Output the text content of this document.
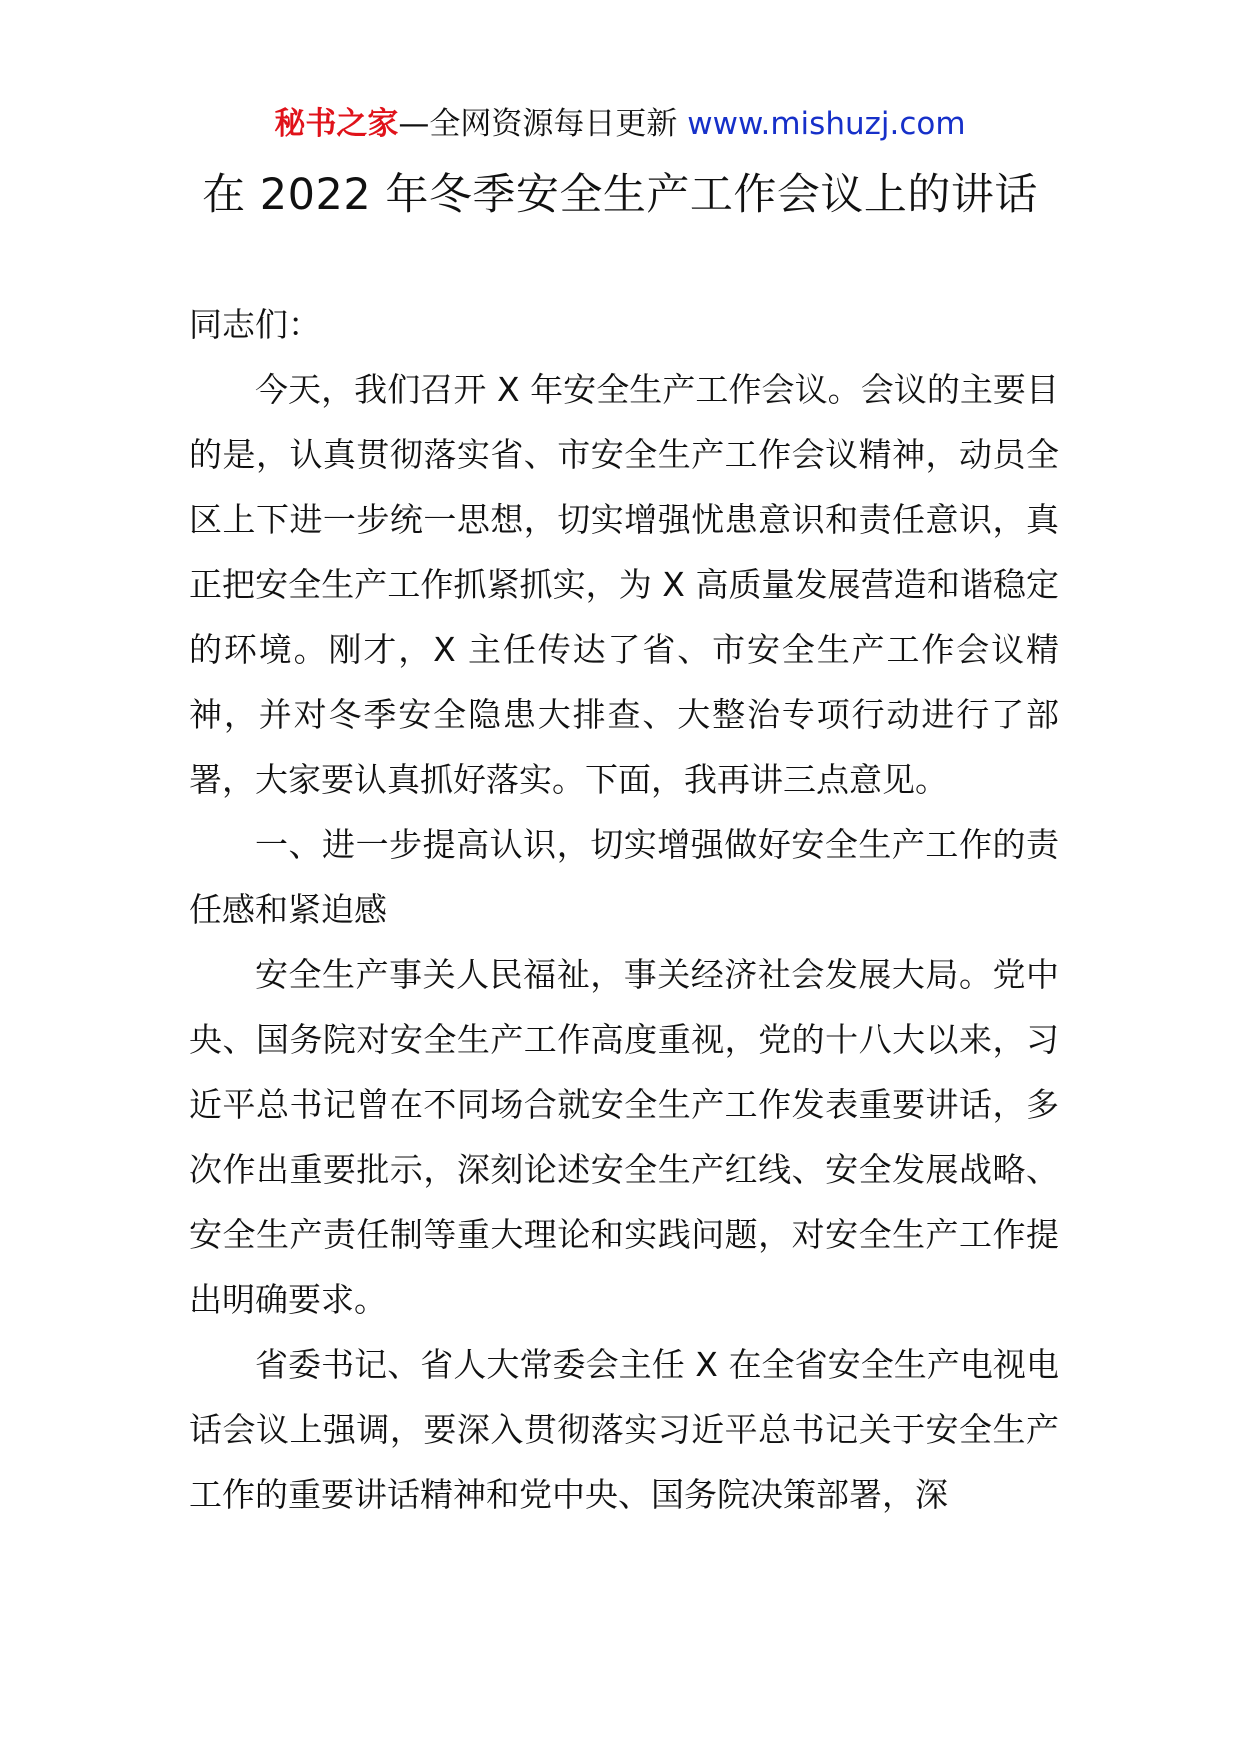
秘书之家—全网资源每日更新 www.mishuzj.com
在 2022 年冬季安全生产工作会议上的讲话

同志们：

今天，我们召开 X 年安全生产工作会议。会议的主要目的是，认真贯彻落实省、市安全生产工作会议精神，动员全区上下进一步统一思想，切实增强忧患意识和责任意识，真正把安全生产工作抓紧抓实，为 X 高质量发展营造和谐稳定的环境。刚才，X 主任传达了省、市安全生产工作会议精神，并对冬季安全隐患大排查、大整治专项行动进行了部署，大家要认真抓好落实。下面，我再讲三点意见。

一、进一步提高认识，切实增强做好安全生产工作的责任感和紧迫感

安全生产事关人民福祉，事关经济社会发展大局。党中央、国务院对安全生产工作高度重视，党的十八大以来，习近平总书记曾在不同场合就安全生产工作发表重要讲话，多次作出重要批示，深刻论述安全生产红线、安全发展战略、安全生产责任制等重大理论和实践问题，对安全生产工作提出明确要求。

省委书记、省人大常委会主任 X 在全省安全生产电视电话会议上强调，要深入贯彻落实习近平总书记关于安全生产工作的重要讲话精神和党中央、国务院决策部署，深
